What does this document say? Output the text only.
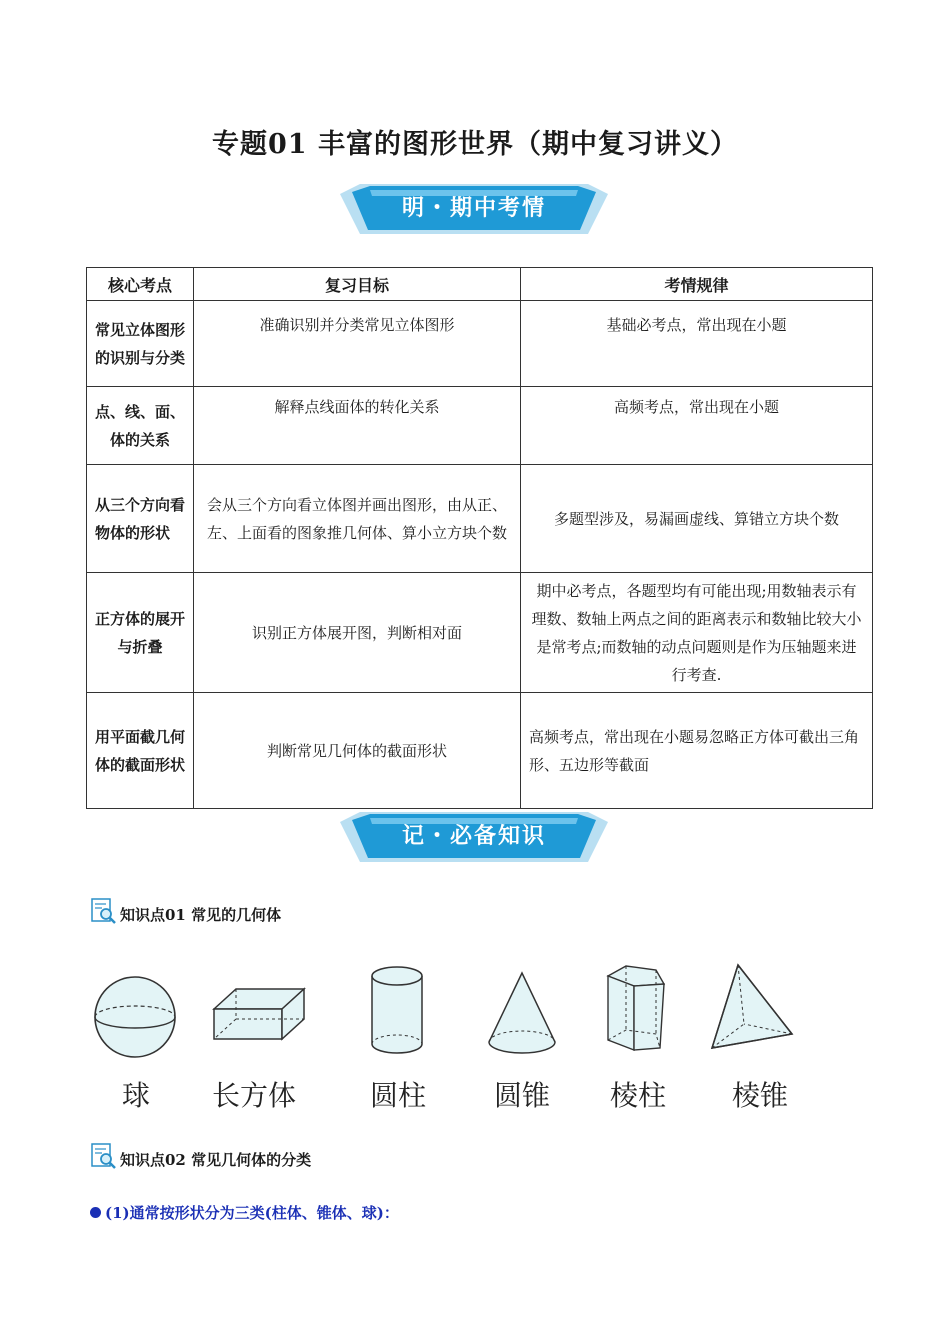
专题01 丰富的图形世界（期中复习讲义）
明・期中考情
核心考点	复习目标	考情规律
常见立体图形的识别与分类	准确识别并分类常见立体图形	基础必考点，常出现在小题
点、线、面、体的关系	解释点线面体的转化关系	高频考点，常出现在小题
从三个方向看物体的形状	会从三个方向看立体图并画出图形，由从正、左、上面看的图象推几何体、算小立方块个数	多题型涉及，易漏画虚线、算错立方块个数
正方体的展开与折叠	识别正方体展开图，判断相对面	期中必考点，各题型均有可能出现;用数轴表示有理数、数轴上两点之间的距离表示和数轴比较大小是常考点;而数轴的动点问题则是作为压轴题来进行考查.
用平面截几何体的截面形状	判断常见几何体的截面形状	高频考点，常出现在小题易忽略正方体可截出三角形、五边形等截面
记・必备知识
知识点01 常见的几何体
球	长方体	圆柱	圆锥	棱柱	棱锥
知识点02 常见几何体的分类
(1)通常按形状分为三类(柱体、锥体、球)：
